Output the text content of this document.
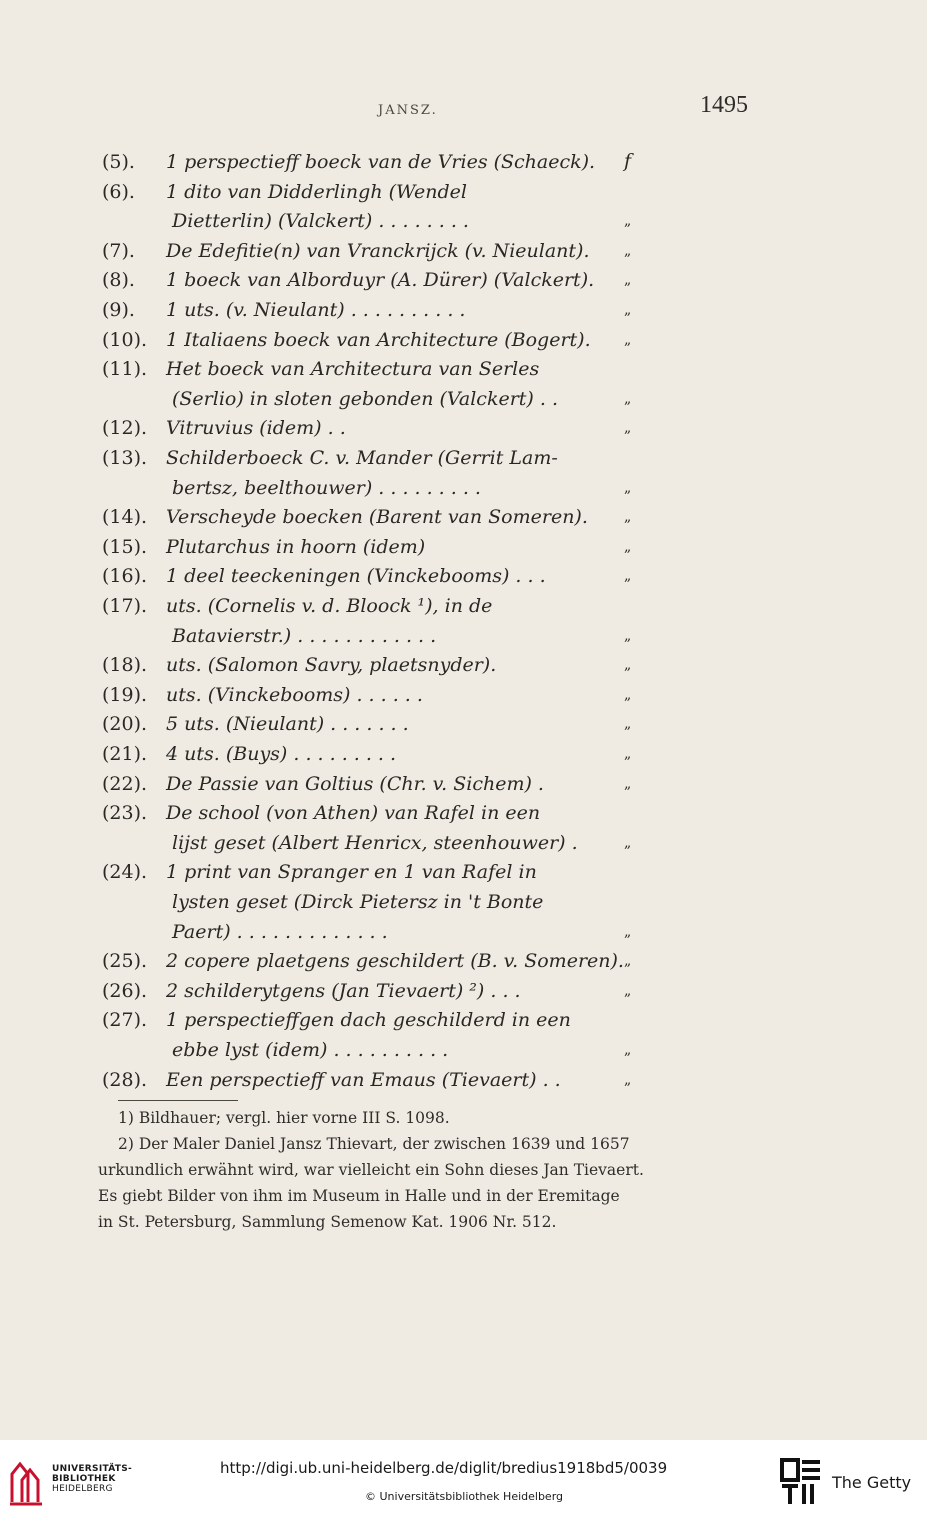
JANSZ.	1495
(5). 1 perspectieff boeck van de Vries (Schaeck). f
(6). 1 dito van Didderlingh (Wendel
Dietterlin) (Valckert) . . . . . . . .	„
(7). De Edefitie(n) van Vranckrijck (v. Nieulant). „
(8). 1 boeck van Alborduyr (A. Dürer) (Valckert). „
(9). 1 uts. (v. Nieulant) . . . . . . . . . .	„
(10). 1 Italiaens boeck van Architecture (Bogert). „
(11). Het boeck van Architectura van Serles
(Serlio) in sloten gebonden (Valckert) . .	„
(12). Vitruvius (idem) . .	„
(13). Schilderboeck C. v. Mander (Gerrit Lam-
bertsz, beelthouwer) . . . . . . . . .	„
(14). Verscheyde boecken (Barent van Someren).	„
(15). Plutarchus in hoorn (idem)	„
(16). 1 deel teeckeningen (Vinckebooms) . . .	„
(17). uts. (Cornelis v. d. Bloock ¹), in de
Batavierstr.) . . . . . . . . . . . .	„
(18). uts. (Salomon Savry, plaetsnyder).	„
(19). uts. (Vinckebooms) . . . . . .	„
(20). 5 uts. (Nieulant) . . . . . . .	„
(21). 4 uts. (Buys) . . . . . . . . .	„
(22). De Passie van Goltius (Chr. v. Sichem) .	„
(23). De school (von Athen) van Rafel in een
lijst geset (Albert Henricx, steenhouwer) .	„
(24). 1 print van Spranger en 1 van Rafel in
lysten geset (Dirck Pietersz in 't Bonte
Paert) . . . . . . . . . . . . .	„
(25). 2 copere plaetgens geschildert (B. v. Someren). „
(26). 2 schilderytgens (Jan Tievaert) ²) . . .	„
(27). 1 perspectieffgen dach geschilderd in een
ebbe lyst (idem) . . . . . . . . . .	„
(28). Een perspectieff van Emaus (Tievaert) . .	„
1) Bildhauer; vergl. hier vorne III S. 1098.
2) Der Maler Daniel Jansz Thievart, der zwischen 1639 und 1657
urkundlich erwähnt wird, war vielleicht ein Sohn dieses Jan Tievaert.
Es giebt Bilder von ihm im Museum in Halle und in der Eremitage
in St. Petersburg, Sammlung Semenow Kat. 1906 Nr. 512.
UNIVERSITÄTS-
BIBLIOTHEK
HEIDELBERG
http://digi.ub.uni-heidelberg.de/diglit/bredius1918bd5/0039
© Universitätsbibliothek Heidelberg
The Getty
